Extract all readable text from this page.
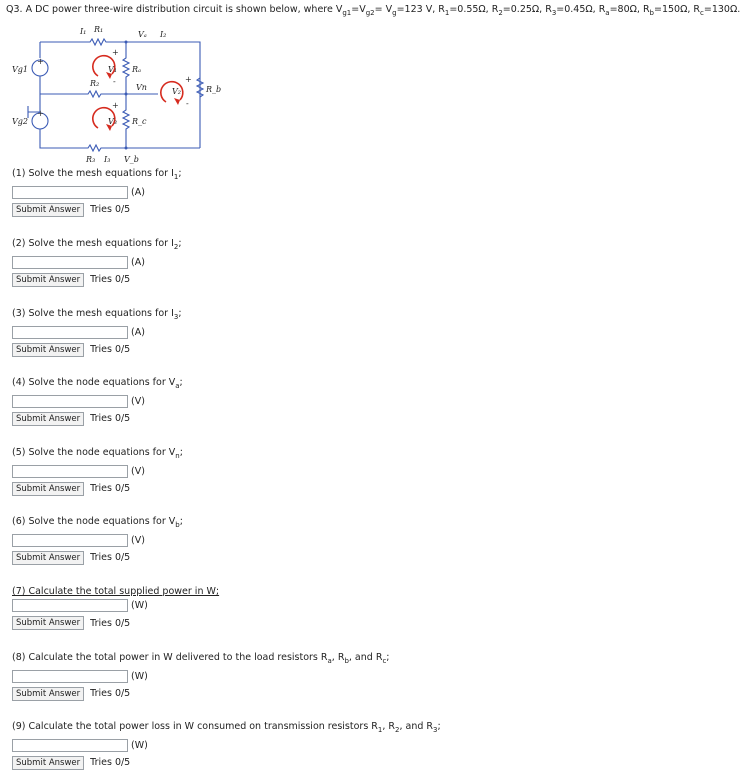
Q3. A DC power three-wire distribution circuit is shown below, where $V_{g1}=V_{g2}= V_g=123$ V, $R_1=0.55\Omega$, $R_2=0.25\Omega$, $R_3=0.45\Omega$, $R_a=80\Omega$, $R_b=150\Omega$, $R_c=130\Omega$.
I₁ R₁
Vₐ I₂
Vg1
Vg2
V₁ Rₐ
R₂
V₂	R_b
Vn
V₃ R_c
R₃ I₃ V_b
+
+
+
-
+
+
-
(1) Solve the mesh equations for $I_1$;
(A)
Submit Answer	Tries 0/5
(2) Solve the mesh equations for $I_2$;
(A)
Submit Answer	Tries 0/5
(3) Solve the mesh equations for $I_3$;
(A)
Submit Answer	Tries 0/5
(4) Solve the node equations for $V_a$;
(V)
Submit Answer	Tries 0/5
(5) Solve the node equations for $V_n$;
(V)
Submit Answer	Tries 0/5
(6) Solve the node equations for $V_b$;
(V)
Submit Answer	Tries 0/5
(7) Calculate the total supplied power in W;
(W)
Submit Answer	Tries 0/5
(8) Calculate the total power in W delivered to the load resistors $R_a$, $R_b$, and $R_c$;
(W)
Submit Answer	Tries 0/5
(9) Calculate the total power loss in W consumed on transmission resistors $R_1$, $R_2$, and $R_3$;
(W)
Submit Answer	Tries 0/5
